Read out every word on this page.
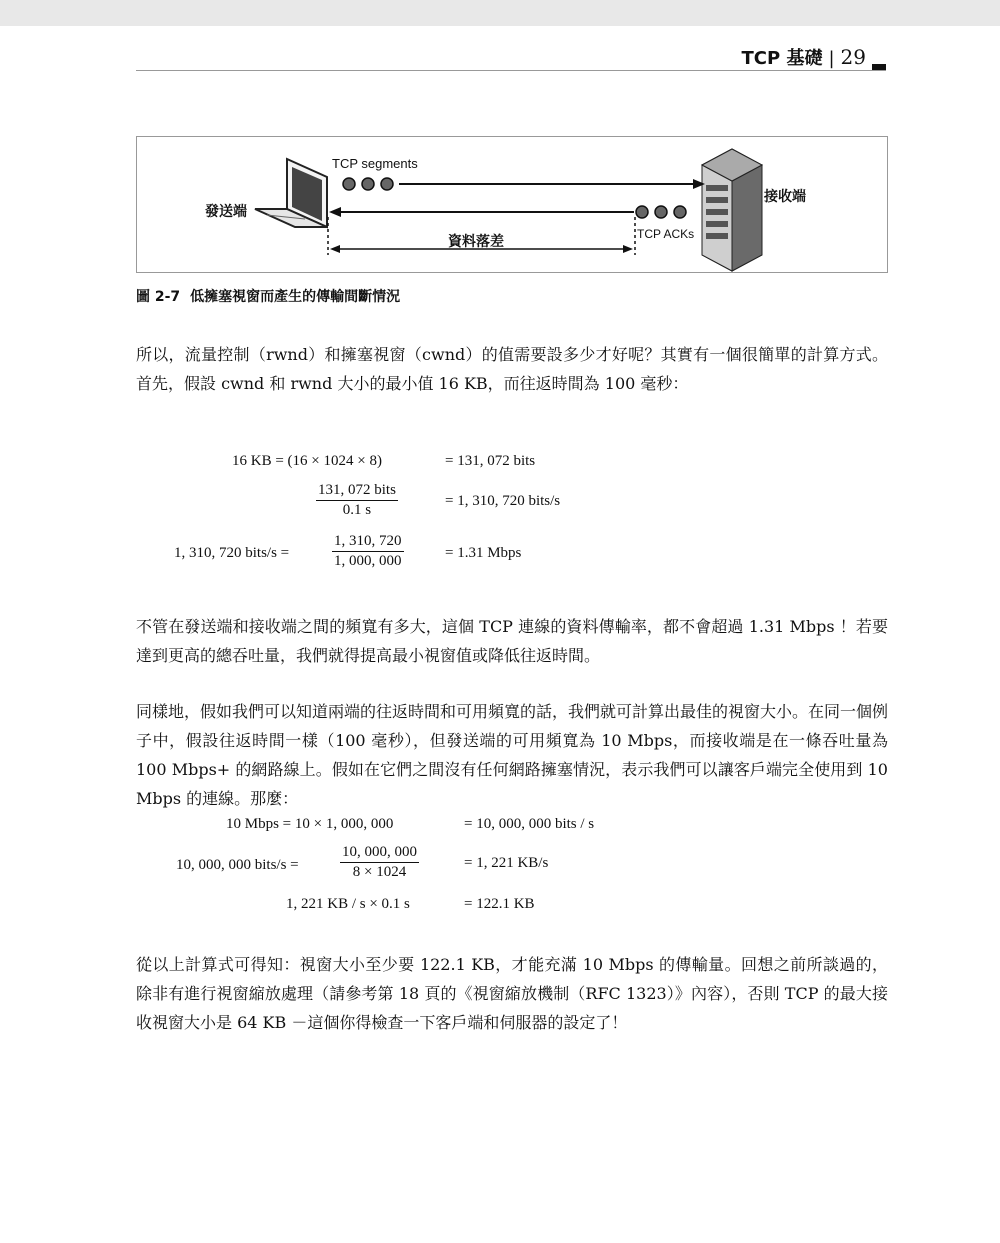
TCP 基礎 | 29
TCP segments
TCP ACKs
發送端
接收端
資料落差
圖 2-7 低擁塞視窗而產生的傳輸間斷情況
所以，流量控制（rwnd）和擁塞視窗（cwnd）的值需要設多少才好呢？其實有一個很簡單的計算方式。首先，假設 cwnd 和 rwnd 大小的最小值 16 KB，而往返時間為 100 毫秒：
16 KB = (16 × 1024 × 8)	= 131, 072 bits
$\frac{\text{131, 072 bits}}{0.1 s}$	= 1, 310, 720 bits/s
1, 310, 720 bits/s =	$\frac{1, 310, 720}{1, 000, 000}$	= 1.31 Mbps
不管在發送端和接收端之間的頻寬有多大，這個 TCP 連線的資料傳輸率，都不會超過 1.31 Mbps ！若要達到更高的總吞吐量，我們就得提高最小視窗值或降低往返時間。
同樣地，假如我們可以知道兩端的往返時間和可用頻寬的話，我們就可計算出最佳的視窗大小。在同一個例子中，假設往返時間一樣（100 毫秒），但發送端的可用頻寬為 10 Mbps，而接收端是在一條吞吐量為 100 Mbps+ 的網路線上。假如在它們之間沒有任何網路擁塞情況，表示我們可以讓客戶端完全使用到 10 Mbps 的連線。那麼：
10 Mbps = 10 × 1, 000, 000	= 10, 000, 000 bits / s
10, 000, 000 bits/s =	$\frac{10, 000, 000}{8 \times 1024}$	= 1, 221 KB/s
1, 221 KB / s × 0.1 s	= 122.1 KB
從以上計算式可得知：視窗大小至少要 122.1 KB，才能充滿 10 Mbps 的傳輸量。回想之前所談過的，除非有進行視窗縮放處理（請參考第 18 頁的《視窗縮放機制（RFC 1323）》內容），否則 TCP 的最大接收視窗大小是 64 KB －這個你得檢查一下客戶端和伺服器的設定了！
